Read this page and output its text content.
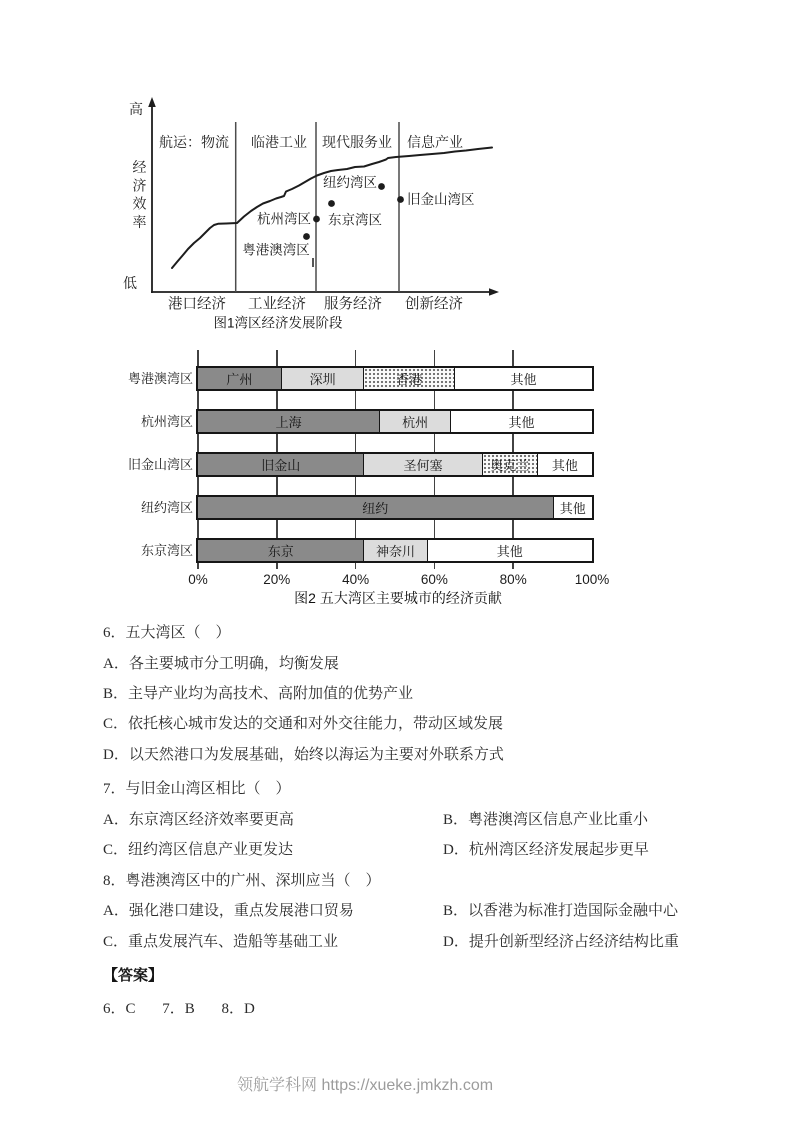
航运：物流 临港工业 现代服务业 信息产业
港口经济 工业经济 服务经济 创新经济
高
低
经
济
效
率
粤港澳湾区
杭州湾区 东京湾区
纽约湾区
旧金山湾区
图1湾区经济发展阶段
粤港澳湾区	广州	深圳	香港	其他
杭州湾区	上海	杭州	其他
旧金山湾区	旧金山	圣何塞	奥克兰	其他
纽约湾区	纽约	其他
东京湾区	东京	神奈川	其他
0%	20%	40%	60%	80%	100%
图2 五大湾区主要城市的经济贡献
6．五大湾区（　）
A．各主要城市分工明确，均衡发展
B．主导产业均为高技术、高附加值的优势产业
C．依托核心城市发达的交通和对外交往能力，带动区域发展
D．以天然港口为发展基础，始终以海运为主要对外联系方式
7．与旧金山湾区相比（　）
A．东京湾区经济效率要更高	B．粤港澳湾区信息产业比重小
C．纽约湾区信息产业更发达	D．杭州湾区经济发展起步更早
8．粤港澳湾区中的广州、深圳应当（　）
A．强化港口建设，重点发展港口贸易	B．以香港为标准打造国际金融中心
C．重点发展汽车、造船等基础工业	D．提升创新型经济占经济结构比重
【答案】
6．C 7．B 8．D
领航学科网 https://xueke.jmkzh.com
